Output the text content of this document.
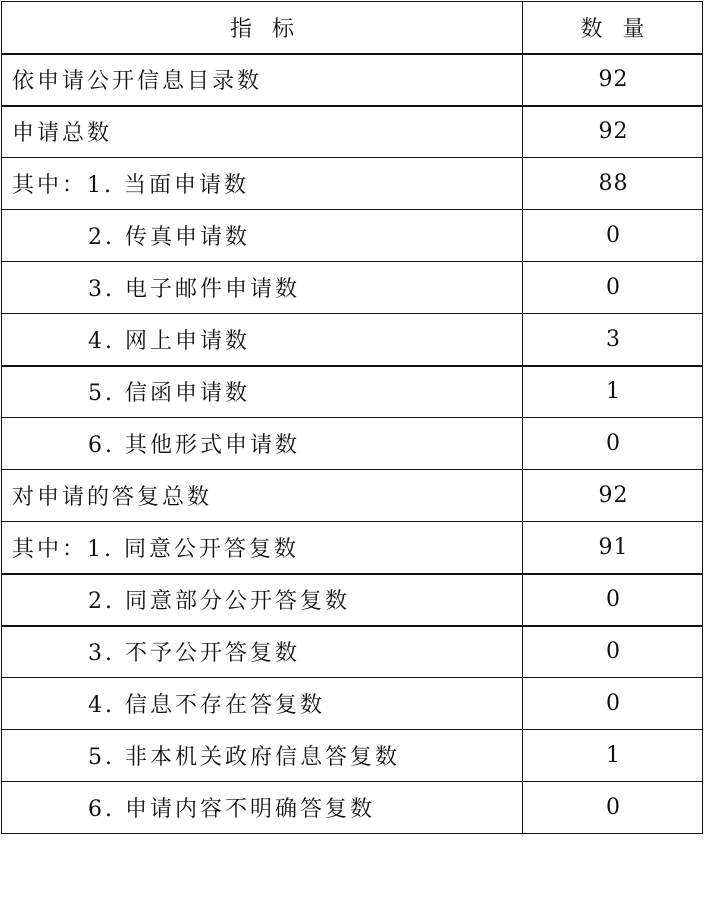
指标	数量
依申请公开信息目录数	92
申请总数	92
其中：1. 当面申请数	88
2. 传真申请数	0
3. 电子邮件申请数	0
4. 网上申请数	3
5. 信函申请数	1
6. 其他形式申请数	0
对申请的答复总数	92
其中：1. 同意公开答复数	91
2. 同意部分公开答复数	0
3. 不予公开答复数	0
4. 信息不存在答复数	0
5. 非本机关政府信息答复数	1
6. 申请内容不明确答复数	0
